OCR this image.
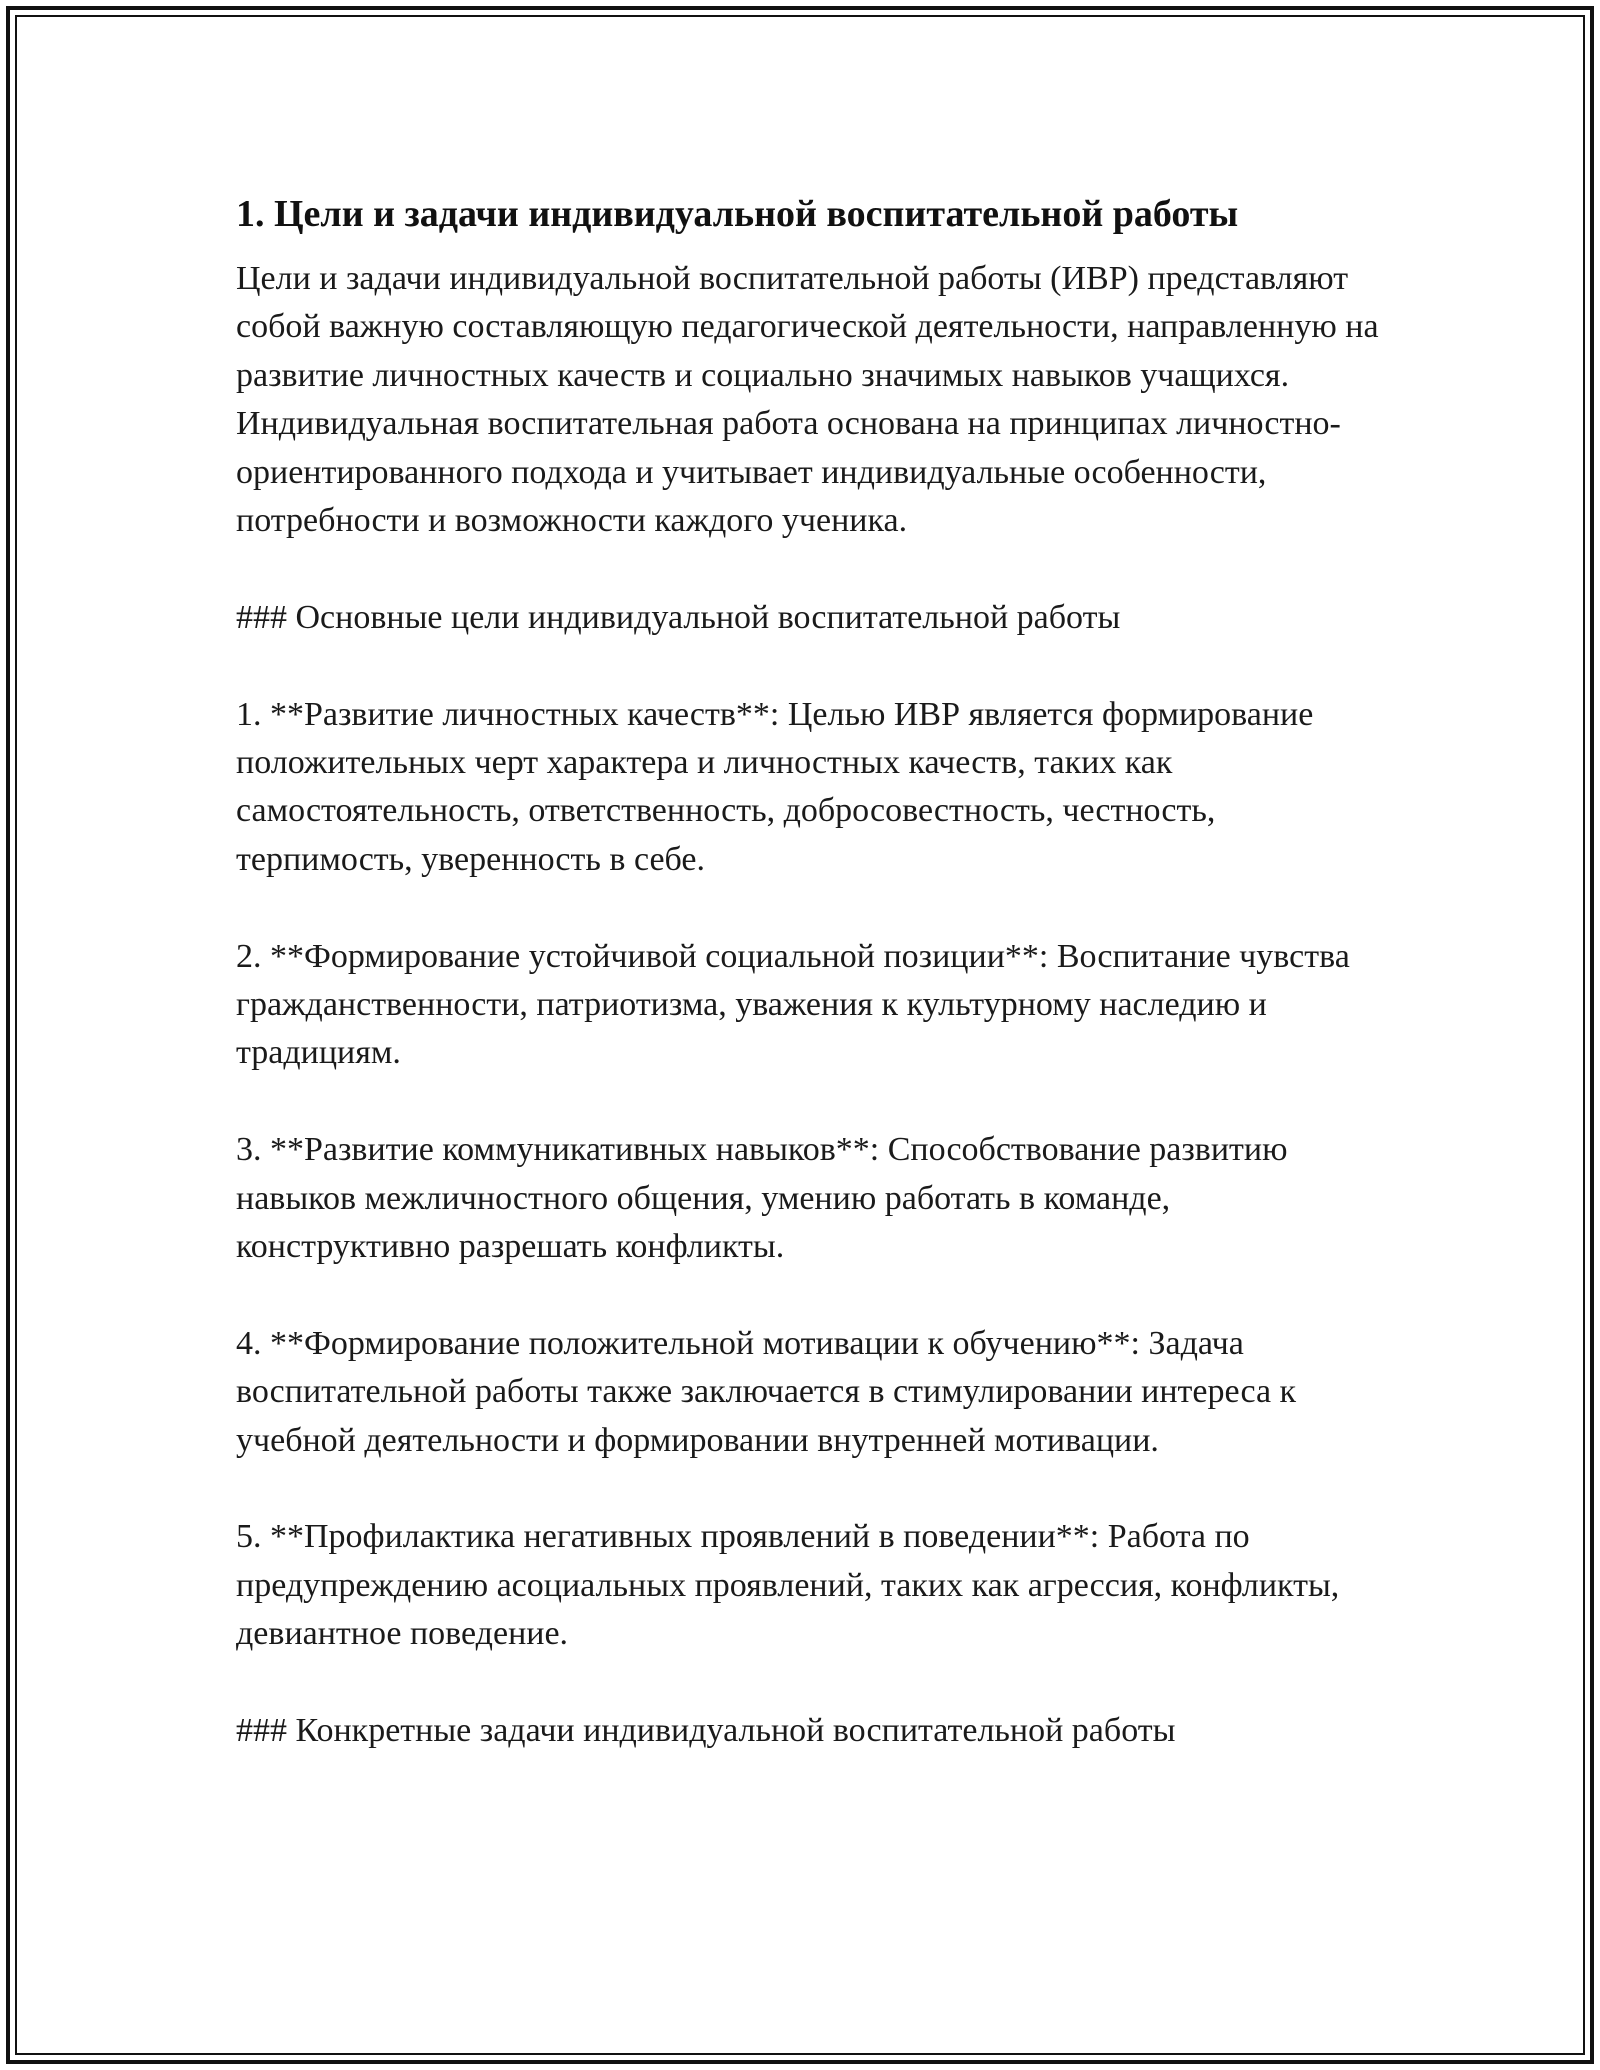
1. Цели и задачи индивидуальной воспитательной работы

Цели и задачи индивидуальной воспитательной работы (ИВР) представляют собой важную составляющую педагогической деятельности, направленную на развитие личностных качеств и социально значимых навыков учащихся. Индивидуальная воспитательная работа основана на принципах личностно-ориентированного подхода и учитывает индивидуальные особенности, потребности и возможности каждого ученика.

### Основные цели индивидуальной воспитательной работы

1. **Развитие личностных качеств**: Целью ИВР является формирование положительных черт характера и личностных качеств, таких как самостоятельность, ответственность, добросовестность, честность, терпимость, уверенность в себе.

2. **Формирование устойчивой социальной позиции**: Воспитание чувства гражданственности, патриотизма, уважения к культурному наследию и традициям.

3. **Развитие коммуникативных навыков**: Способствование развитию навыков межличностного общения, умению работать в команде, конструктивно разрешать конфликты.

4. **Формирование положительной мотивации к обучению**: Задача воспитательной работы также заключается в стимулировании интереса к учебной деятельности и формировании внутренней мотивации.

5. **Профилактика негативных проявлений в поведении**: Работа по предупреждению асоциальных проявлений, таких как агрессия, конфликты, девиантное поведение.

### Конкретные задачи индивидуальной воспитательной работы
